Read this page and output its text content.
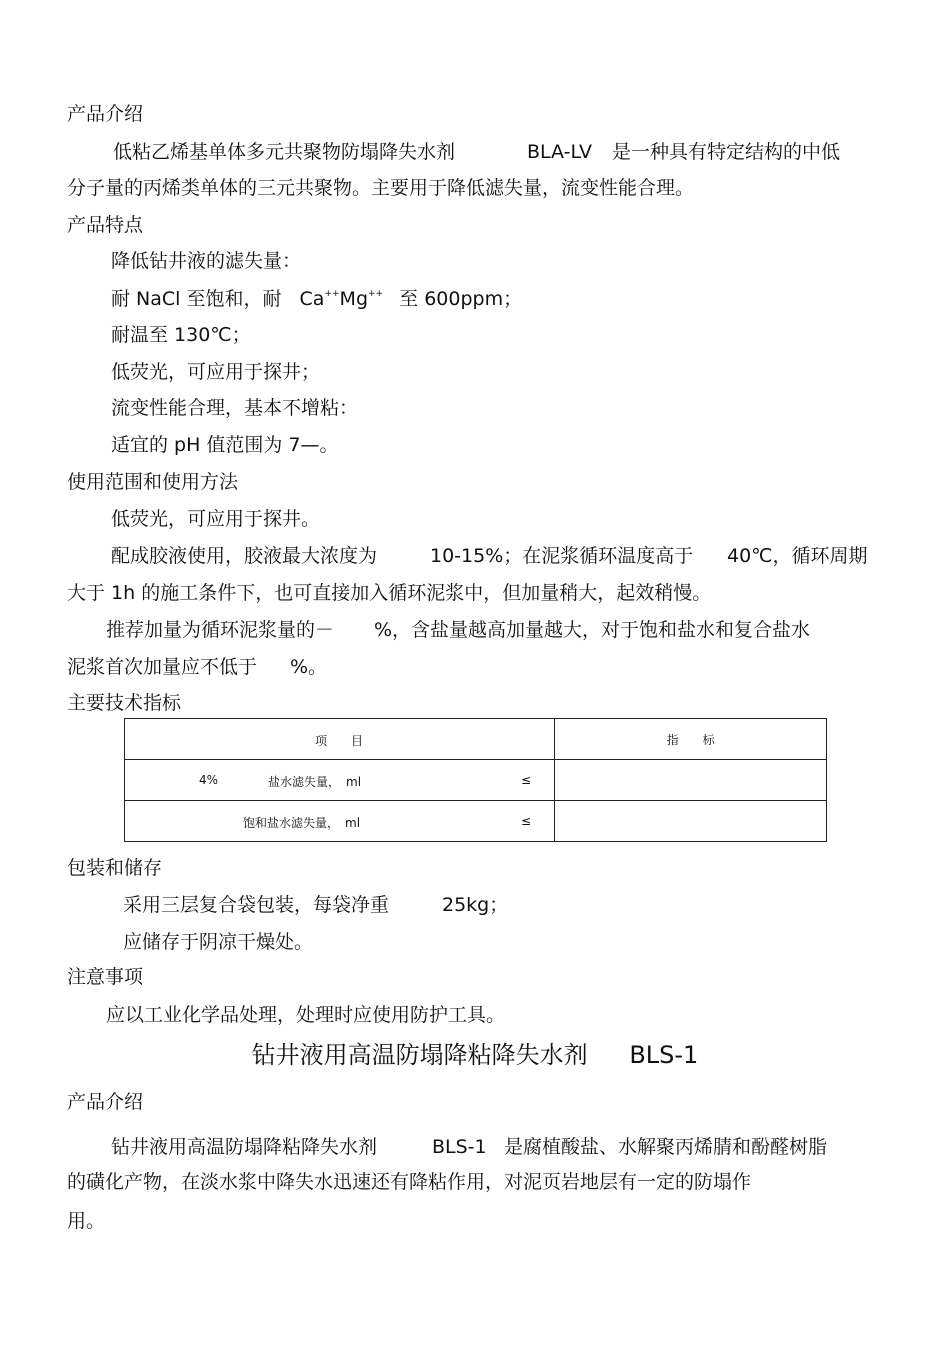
产品介绍
低粘乙烯基单体多元共聚物防塌降失水剂	BLA-LV 是一种具有特定结构的中低
分子量的丙烯类单体的三元共聚物。主要用于降低滤失量，流变性能合理。
产品特点
降低钻井液的滤失量：
耐 NaCl 至饱和，耐 Ca++Mg++ 至 600ppm；
耐温至 130℃；
低荧光，可应用于探井；
流变性能合理，基本不增粘：
适宜的 pH 值范围为 7—。
使用范围和使用方法
低荧光，可应用于探井。
配成胶液使用，胶液最大浓度为	10-15%；在泥浆循环温度高于 40℃，循环周期
大于 1h 的施工条件下，也可直接加入循环泥浆中，但加量稍大，起效稍慢。
推荐加量为循环泥浆量的－ %，含盐量越高加量越大，对于饱和盐水和复合盐水
泥浆首次加量应不低于 %。
主要技术指标
项　　目	指　　标

4% 盐水滤失量，　ml ≤	

饱和盐水滤失量，　ml ≤	

包装和储存
采用三层复合袋包装，每袋净重	25kg；
应储存于阴凉干燥处。
注意事项
应以工业化学品处理，处理时应使用防护工具。
钻井液用高温防塌降粘降失水剂 BLS-1
产品介绍
钻井液用高温防塌降粘降失水剂	BLS-1 是腐植酸盐、水解聚丙烯腈和酚醛树脂
的磺化产物，在淡水浆中降失水迅速还有降粘作用，对泥页岩地层有一定的防塌作
用。
